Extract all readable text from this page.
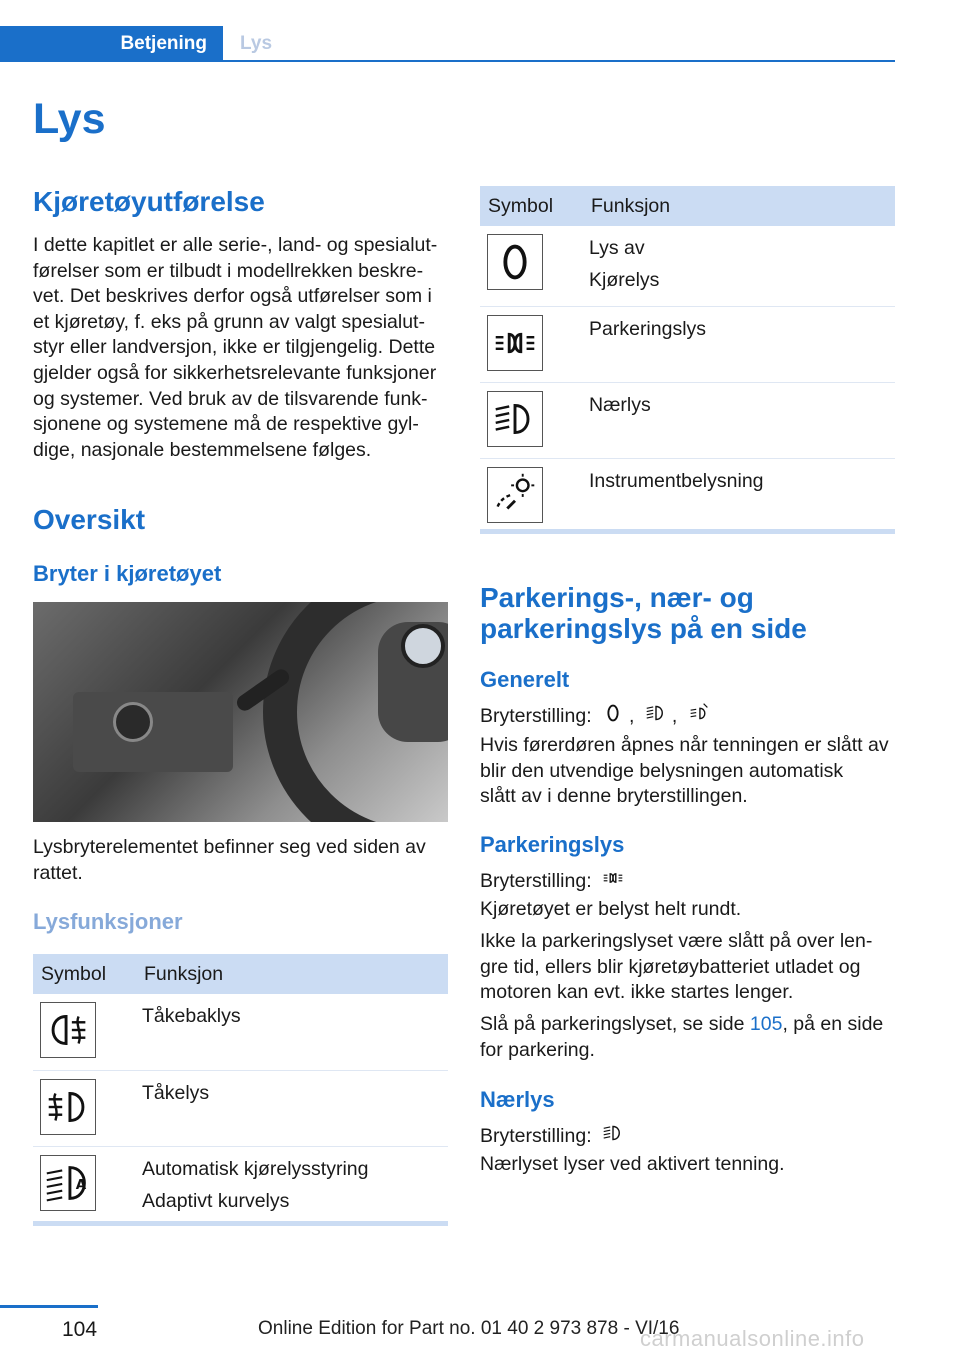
Betjening	Lys
Lys
Kjøretøyutførelse
I dette kapitlet er alle serie-, land- og spesialut-
førelser som er tilbudt i modellrekken beskre-
vet. Det beskrives derfor også utførelser som i
et kjøretøy, f. eks på grunn av valgt spesialut-
styr eller landversjon, ikke er tilgjengelig. Dette
gjelder også for sikkerhetsrelevante funksjoner
og systemer. Ved bruk av de tilsvarende funk-
sjonene og systemene må de respektive gyl-
dige, nasjonale bestemmelsene følges.
Oversikt
Bryter i kjøretøyet
Lysbryterelementet befinner seg ved siden av
rattet.
Lysfunksjoner
Symbol	Funksjon

Tåkebaklys

Tåkelys

Automatisk kjørelysstyring
Adaptivt kurvelys
Symbol	Funksjon

Lys av
Kjørelys

Parkeringslys

Nærlys

Instrumentbelysning
Parkerings-, nær- og
parkeringslys på en side
Generelt
Bryterstilling: , ,
Hvis førerdøren åpnes når tenningen er slått av
blir den utvendige belysningen automatisk
slått av i denne bryterstillingen.
Parkeringslys
Bryterstilling:
Kjøretøyet er belyst helt rundt.
Ikke la parkeringslyset være slått på over len-
gre tid, ellers blir kjøretøybatteriet utladet og
motoren kan evt. ikke startes lenger.
Slå på parkeringslyset, se side 105, på en side
for parkering.
Nærlys
Bryterstilling:
Nærlyset lyser ved aktivert tenning.
104	Online Edition for Part no. 01 40 2 973 878 - VI/16
carmanualsonline.info
